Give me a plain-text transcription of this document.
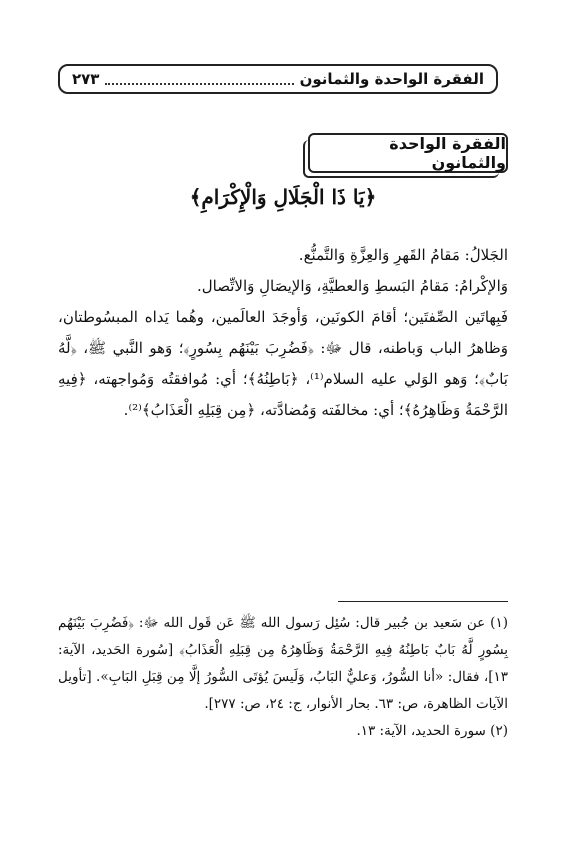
الفقرة الواحدة والثمانون
٢٧٣
الفقرة الواحدة والثمانون
﴿يَا ذَا الْجَلَالِ وَالْإِكْرَامِ﴾

الجَلالُ: مَقامُ القَهرِ وَالعِزَّةِ وَالتَّمنُّع.

وَالإكْرامُ: مَقامُ البَسطِ وَالعطيَّةِ، وَالإيصَالِ وَالاتِّصال.

فَبِهاتَين الصِّفتَين؛ أقامَ الكونَين، وَأوجَدَ العالَمين، وهُما يَداه المبسُوطتان، وَظاهرُ الباب وَباطنه، قال ﷻ: ﴿فَضُرِبَ بَيْنَهُم بِسُورٍ﴾؛ وَهو النَّبي ﷺ، ﴿لَّهُ بَابٌ﴾؛ وَهو الوَلي عليه السلام⁽¹⁾، ﴿بَاطِنُهُ﴾؛ أي: مُوافقتُه وَمُواجهته، ﴿فِيهِ الرَّحْمَةُ وَظَاهِرُهُ﴾؛ أي: مخالفَته وَمُضادَّته، ﴿مِن قِبَلِهِ الْعَذَابُ﴾⁽²⁾.

(١) عن سَعيد بن جُبير قال: سُئِل رَسول الله ﷺ عَن قَول الله ﷻ: ﴿فَضُرِبَ بَيْنَهُم بِسُورٍ لَّهُ بَابٌ بَاطِنُهُ فِيهِ الرَّحْمَةُ وَظَاهِرُهُ مِن قِبَلِهِ الْعَذَابُ﴾ [سُورة الحَديد، الآية: ١٣]، فقال: «أنا السُّورُ، وَعليٌّ البَابُ، وَلَيسَ يُؤتَى السُّورُ إلَّا مِن قِبَلِ البَابِ». [تأويل الآيات الظاهرة، ص: ٦٣. بحار الأنوار، ج: ٢٤، ص: ٢٧٧].

(٢) سورة الحديد، الآية: ١٣.
